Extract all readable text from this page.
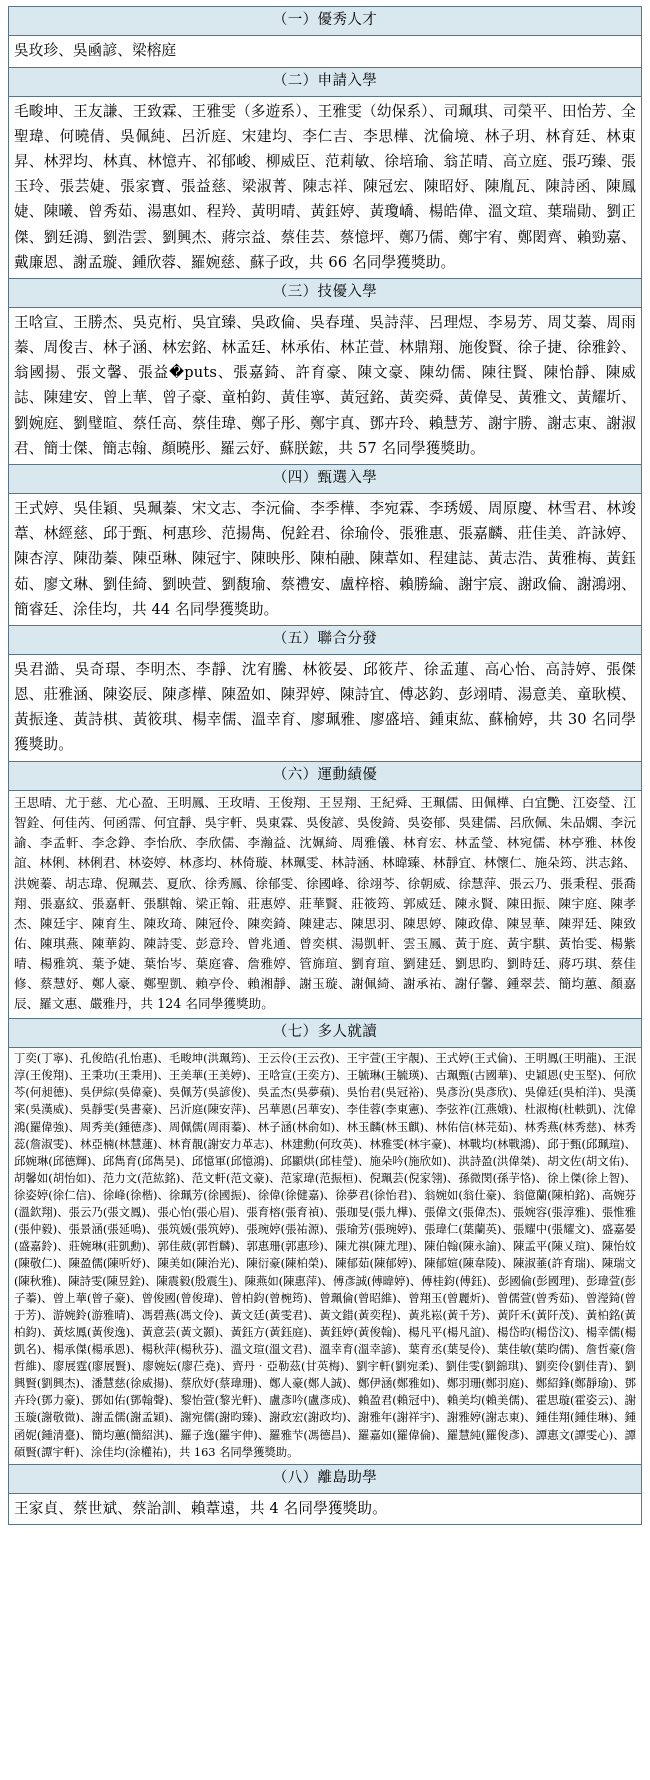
（一）優秀人才
吳玫珍、吳凾諺、梁榕庭
（二）申請入學
毛畯坤、王友謙、王致霖、王雅雯（多遊系）、王雅雯（幼保系）、司珮琪、司榮平、田怡芳、全聖瑋、何曉倩、吳佩純、呂沂庭、宋建均、李仁吉、李思樺、沈倫境、林子玥、林育廷、林東昇、林羿均、林真、林憶卉、祁郁峻、柳威臣、范莉敏、徐培瑜、翁芷晴、高立庭、張巧臻、張玉玲、張芸婕、張家寶、張益慈、梁淑菁、陳志祥、陳冠宏、陳昭妤、陳胤瓦、陳詩函、陳鳳婕、陳曦、曾秀茹、湯惠如、程羚、黃明晴、黃鈺婷、黃瓊嶠、楊皓偉、溫文瑄、葉瑞勛、劉正傑、劉廷鴻、劉浩雲、劉興杰、蔣宗益、蔡佳芸、蔡憶坪、鄭乃儒、鄭宇宥、鄭閎齊、賴勁嘉、戴廉恩、謝孟璇、鍾欣蓉、羅婉慈、蘇子政，共 66 名同學獲獎助。
（三）技優入學
王唅宣、王勝杰、吳克桁、吳宜臻、吳政倫、吳春瑾、吳詩萍、呂理煜、李易芳、周艾蓁、周雨蓁、周俊吉、林子涵、林宏銘、林孟廷、林承佑、林芷萱、林鼎翔、施俊賢、徐子捷、徐雅鈴、翁國揚、張文馨、張益�puts、張嘉錡、許育豪、陳文豪、陳幼儒、陳往賢、陳怡靜、陳威誌、陳建安、曾上華、曾子豪、童柏鈞、黃佳寧、黃冠銘、黃奕舜、黃偉旻、黃雅文、黃耀圻、劉婉庭、劉璧暄、蔡任高、蔡佳瑋、鄭子彤、鄭宇真、鄧卉玲、賴慧芳、謝宇勝、謝志東、謝淑君、簡士傑、簡志翰、顏曉彤、羅云妤、蘇朕鋐，共 57 名同學獲獎助。
（四）甄選入學
王式婷、吳佳穎、吳珮蓁、宋文志、李沅倫、李季樺、李宛霖、李琇媛、周原慶、林雪君、林竣葦、林經慈、邱于甄、柯惠珍、范揚雋、倪銓君、徐瑜伶、張雅惠、張嘉麟、莊佳美、許詠婷、陳杏淳、陳劭蓁、陳亞琳、陳冠宇、陳映彤、陳柏融、陳葦如、程建誌、黃志浩、黃雅梅、黃鈺茹、廖文琳、劉佳綺、劉映萱、劉馥瑜、蔡禮安、盧梓榕、賴勝綸、謝宇宸、謝政倫、謝鴻翊、簡睿廷、涂佳均，共 44 名同學獲獎助。
（五）聯合分發
吳君澔、吳奇璟、李明杰、李靜、沈宥騰、林筱晏、邱筱芹、徐孟蓮、高心怡、高詩婷、張傑恩、莊雅涵、陳姿辰、陳彥樺、陳盈如、陳羿婷、陳詩宜、傅苾鈞、彭翊晴、湯意美、童耿模、黃振逢、黃詩棋、黃筱琪、楊幸儒、溫幸育、廖珮雅、廖盛培、鍾東紘、蘇榆婷，共 30 名同學獲獎助。
（六）運動績優
王思晴、尤于慈、尤心盈、王明鳳、王玫晴、王俊翔、王昱翔、王紀舜、王珮儒、田佩樺、白宜艷、江姿瑩、江智銓、何佳芮、何函霈、何宜靜、吳宇軒、吳東霖、吳俊諺、吳俊錡、吳姿郁、吳建儒、呂欣佩、朱品嫻、李沅諭、李孟軒、李念錚、李怡欣、李欣儒、李瀚益、沈姵綺、周雅儀、林育宏、林孟瑩、林宛儒、林亭雅、林俊誼、林俐、林俐君、林姿婷、林彥均、林倚璇、林珮雯、林詩涵、林暐臻、林靜宜、林懷仁、施朵筠、洪志銘、洪婉蓁、胡志瑋、倪珮芸、夏欣、徐秀鳳、徐郁雯、徐國峰、徐翊芩、徐朝威、徐慧萍、張云乃、張秉程、張喬翔、張嘉紋、張嘉軒、張騏翰、梁正翰、莊惠婷、莊華賢、莊筱筠、郭威廷、陳永賢、陳田振、陳宇庭、陳孝杰、陳廷宇、陳育生、陳玫琦、陳冠伶、陳奕錡、陳建志、陳思羽、陳思婷、陳政偉、陳昱華、陳羿廷、陳致佑、陳琪燕、陳華鈞、陳詩雯、彭意玲、曾兆通、曾奕棋、湯凱軒、雲玉鳳、黃于庭、黃宇騏、黃怡雯、楊紫晴、楊雅筑、葉予婕、葉怡岑、葉庭睿、詹雅婷、管旆瑄、劉育瑄、劉建廷、劉思昀、劉時廷、蔣巧琪、蔡佳修、蔡慧妤、鄭人豪、鄭聖凱、賴亭伶、賴湘靜、謝玉璇、謝佩綺、謝承祐、謝仔馨、鍾翠芸、簡均蕙、顏嘉辰、羅文惠、嚴雅丹，共 124 名同學獲獎助。
（七）多人就讀
丁奕(丁寧)、孔俊皓(孔怡惠)、毛畯坤(洪珮筠)、王云伶(王云孜)、王宇萱(王宇靚)、王式婷(王式倫)、王明鳳(王明龍)、王泯淳(王俊翔)、王秉功(王秉用)、王美華(王美婷)、王唅宣(王奕方)、王毓琳(王毓瑛)、古珮甄(古國華)、史穎恩(史玉堅)、何欣芩(何昶德)、吳伊綜(吳偉豪)、吳佩芳(吳諺俊)、吳孟杰(吳夢蘋)、吳怡君(吳冠裕)、吳彥汾(吳彥欣)、吳偉廷(吳柏洋)、吳漢宷(吳漢威)、吳靜雯(吳書豪)、呂沂庭(陳安萍)、呂華恩(呂華安)、李佳蓉(李東憲)、李弦祚(江燕娥)、杜淑梅(杜軼凱)、沈偉鴻(羅偉強)、周秀美(鍾德彥)、周佩儒(周雨蓁)、林子涵(林俞如)、林玉麟(林玉麒)、林佑信(林芫茹)、林秀燕(林秀慈)、林秀蕊(詹淑雯)、林亞楠(林慧蓮)、林育靚(謝安力革志)、林建勳(何玫英)、林雅雯(林宇豪)、林戰均(林戰鴻)、邱于甄(邱珮瑄)、邱婉琳(邱德輝)、邱雋育(邱雋昊)、邱憶軍(邱憶鴻)、邱顯烘(邱桂瑩)、施朵吟(施欣如)、洪詩盈(洪偉桀)、胡文佐(胡文佑)、胡馨如(胡怡如)、范力文(范紘銘)、范文軒(范文豪)、范家瑋(范振桓)、倪珮芸(倪家翎)、孫微閔(孫芋恪)、徐上傑(徐上智)、徐姿婷(徐仁信)、徐峰(徐楷)、徐珮芳(徐國振)、徐偉(徐健嘉)、徐夢君(徐怡君)、翁婉如(翁仕豪)、翁億蘭(陳柏銘)、高婉芬(溫欽翔)、張云乃(張文鳳)、張心怡(張心眉)、張育榕(張育禎)、張珈旻(張九樺)、張偉文(張偉杰)、張婉容(張淳雅)、張惟雅(張仲毅)、張景涵(張延鳴)、張筑媛(張筑婷)、張琬婷(張祐源)、張瑜芳(張琬婷)、張瑋仁(葉蘭英)、張耀中(張耀文)、盛嘉晏(盛嘉鈴)、莊婉琳(莊凱勳)、郭佳葳(郭哲麟)、郭惠珊(郭惠珍)、陳尤祺(陳尤理)、陳伯翰(陳永諭)、陳孟平(陳乂瑄)、陳怡妏(陳敬仁)、陳盈儒(陳听妤)、陳美如(陳治光)、陳衍豪(陳柏榮)、陳郁茹(陳郁婷)、陳郁媗(陳韋陵)、陳淑菙(許育瑞)、陳瑞文(陳秋雅)、陳詩雯(陳昱銓)、陳震毅(殷震生)、陳燕如(陳惠萍)、傅彥誠(傅暐婷)、傅桂鈞(傅鈺)、彭國倫(彭國理)、彭瑋萱(彭子蓁)、曾上華(曾子豪)、曾俊國(曾俊瑋)、曾柏鈞(曾椀筠)、曾珮倫(曾昭維)、曾翔玉(曾麗炘)、曾儒萱(曾秀茹)、曾瀅錡(曾于芳)、游婉鈴(游雅晴)、馮碧燕(馮文伶)、黃文廷(黃雯君)、黃文錯(黃奕程)、黃兆崧(黃千芳)、黃阡禾(黃阡茂)、黃柏銘(黃柏鈞)、黃炫鳳(黃俊逸)、黃意芸(黃文顥)、黃鈺方(黃鈺庭)、黃鈺婷(黃俊翰)、楊凡平(楊凡誼)、楊岱昀(楊岱汶)、楊幸儒(楊凱名)、楊承傑(楊承恩)、楊秋萍(楊秋芬)、溫文瑄(溫文君)、溫幸育(溫幸諺)、葉育丞(葉旻伶)、葉佳敏(葉昀儒)、詹哲豪(詹哲維)、廖展霆(廖展賢)、廖婉妘(廖芢堯)、齊丹‧亞勒茲(甘英梅)、劉宇軒(劉宛柔)、劉佳雯(劉錦琪)、劉奕伶(劉佳青)、劉興賢(劉興杰)、潘慧慈(徐威揚)、蔡欣妤(蔡瑋珊)、鄭人豪(鄭人誠)、鄭伊涵(鄭雅如)、鄭羽珊(鄭羽庭)、鄭紹鋒(鄭靜瑜)、鄧卉玲(鄧力豪)、鄧如佑(鄧翰聲)、黎怡萱(黎光軒)、盧彥吟(盧彥成)、賴盈君(賴冠中)、賴美均(賴美儒)、霍思璇(霍姿云)、謝玉璇(謝敬微)、謝孟儒(謝孟穎)、謝宛儒(謝昀臻)、謝政宏(謝政均)、謝雅年(謝祥宇)、謝雅婷(謝志東)、鍾佳翔(鍾佳琳)、鍾函妮(鍾清臺)、簡均蕙(簡紹淇)、羅子逸(羅宇伸)、羅雅芐(馮德昌)、羅嘉如(羅偉倫)、羅慧純(羅俊彥)、譚惠文(譚雯心)、譚碩賢(譚宇軒)、涂佳均(涂權祐)，共 163 名同學獲獎助。
（八）離島助學
王家貞、蔡世斌、蔡詒訓、賴葦遠，共 4 名同學獲獎助。
